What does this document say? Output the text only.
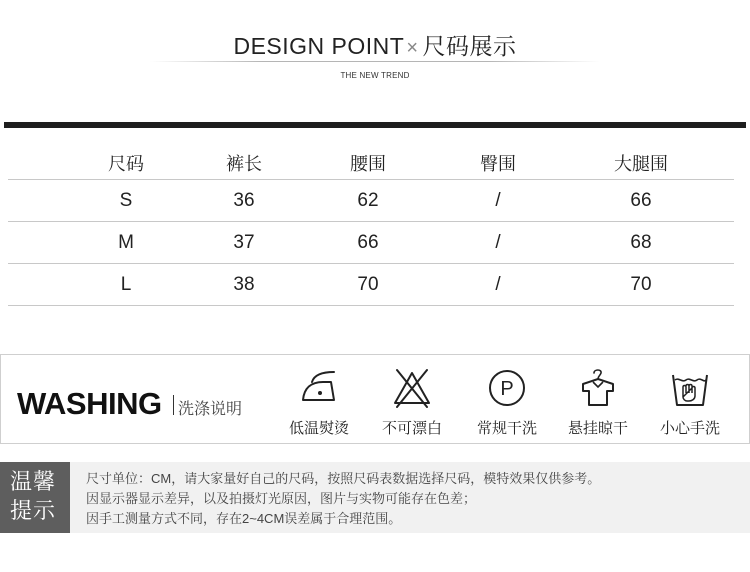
DESIGN POINT × 尺码展示
THE NEW TREND
尺码	裤长	腰围	臀围	大腿围
S	36	62	/	66
M	37	66	/	68
L	38	70	/	70
WASHING 洗涤说明
低温熨烫	不可漂白
P
常规干洗	悬挂晾干	小心手洗
温馨
提示
尺寸单位：CM，请大家量好自己的尺码，按照尺码表数据选择尺码，模特效果仅供参考。
因显示器显示差异，以及拍摄灯光原因，图片与实物可能存在色差；
因手工测量方式不同，存在2~4CM误差属于合理范围。
